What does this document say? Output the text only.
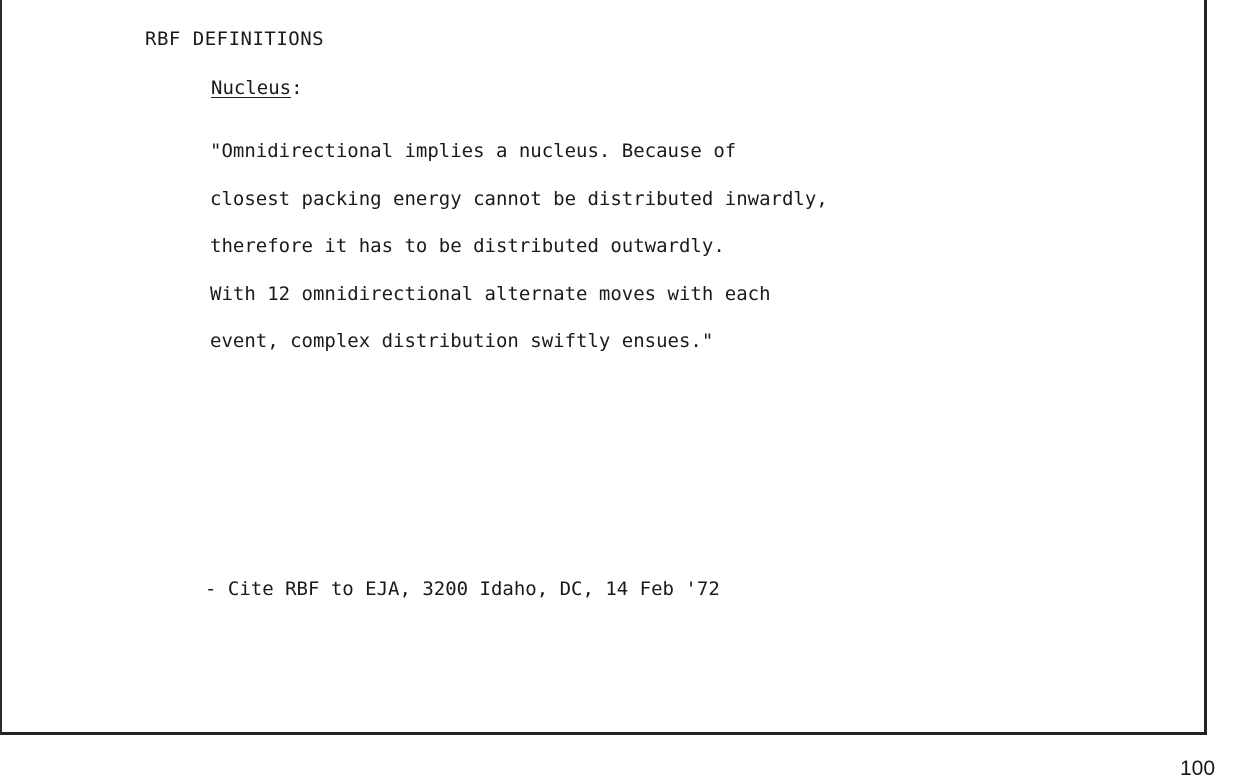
RBF DEFINITIONS
Nucleus:
"Omnidirectional implies a nucleus. Because of
closest packing energy cannot be distributed inwardly,
therefore it has to be distributed outwardly.
With 12 omnidirectional alternate moves with each
event, complex distribution swiftly ensues."
- Cite RBF to EJA, 3200 Idaho, DC, 14 Feb '72
100
